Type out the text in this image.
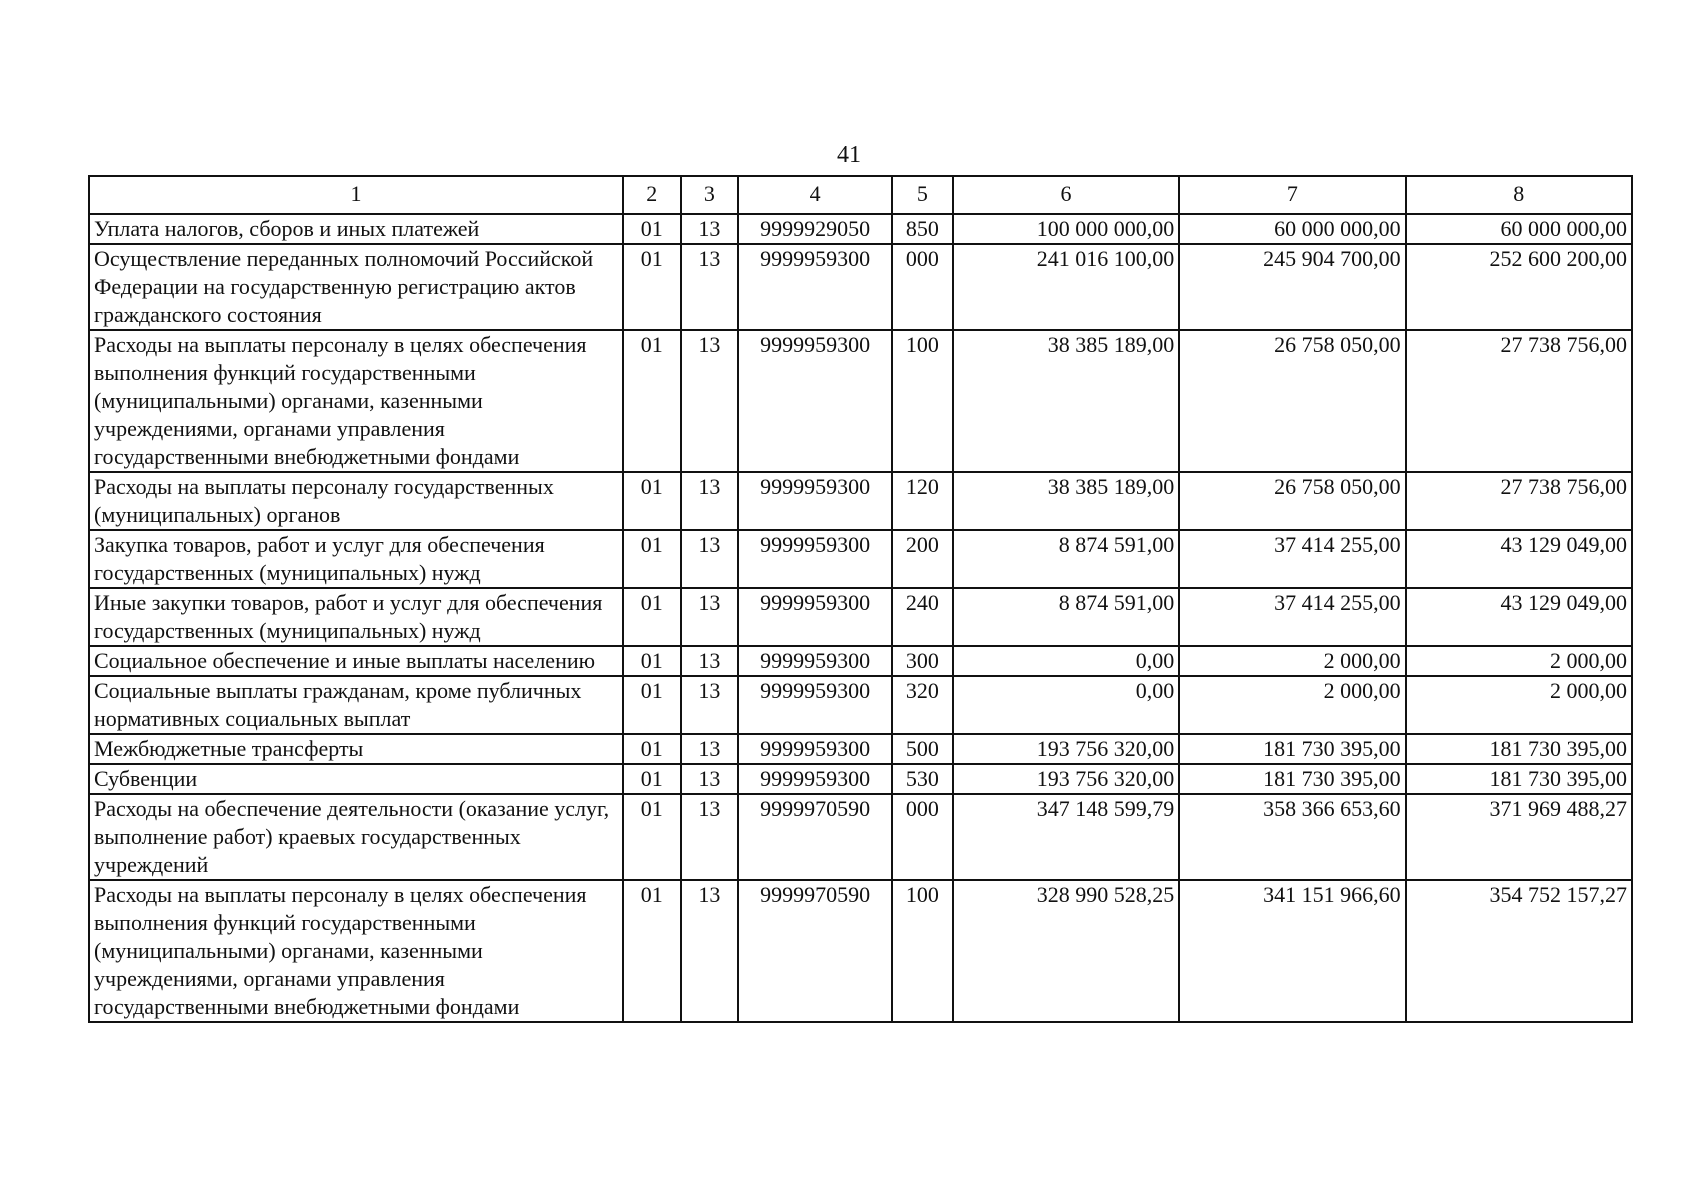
41
1	2	3	4	5	6	7	8
Уплата налогов, сборов и иных платежей	01	13	9999929050	850	100 000 000,00	60 000 000,00	60 000 000,00
Осуществление переданных полномочий Российской Федерации на государственную регистрацию актов гражданского состояния	01	13	9999959300	000	241 016 100,00	245 904 700,00	252 600 200,00
Расходы на выплаты персоналу в целях обеспечения выполнения функций государственными (муниципальными) органами, казенными учреждениями, органами управления государственными внебюджетными фондами	01	13	9999959300	100	38 385 189,00	26 758 050,00	27 738 756,00
Расходы на выплаты персоналу государственных (муниципальных) органов	01	13	9999959300	120	38 385 189,00	26 758 050,00	27 738 756,00
Закупка товаров, работ и услуг для обеспечения государственных (муниципальных) нужд	01	13	9999959300	200	8 874 591,00	37 414 255,00	43 129 049,00
Иные закупки товаров, работ и услуг для обеспечения государственных (муниципальных) нужд	01	13	9999959300	240	8 874 591,00	37 414 255,00	43 129 049,00
Социальное обеспечение и иные выплаты населению	01	13	9999959300	300	0,00	2 000,00	2 000,00
Социальные выплаты гражданам, кроме публичных нормативных социальных выплат	01	13	9999959300	320	0,00	2 000,00	2 000,00
Межбюджетные трансферты	01	13	9999959300	500	193 756 320,00	181 730 395,00	181 730 395,00
Субвенции	01	13	9999959300	530	193 756 320,00	181 730 395,00	181 730 395,00
Расходы на обеспечение деятельности (оказание услуг, выполнение работ) краевых государственных учреждений	01	13	9999970590	000	347 148 599,79	358 366 653,60	371 969 488,27
Расходы на выплаты персоналу в целях обеспечения выполнения функций государственными (муниципальными) органами, казенными учреждениями, органами управления государственными внебюджетными фондами	01	13	9999970590	100	328 990 528,25	341 151 966,60	354 752 157,27
